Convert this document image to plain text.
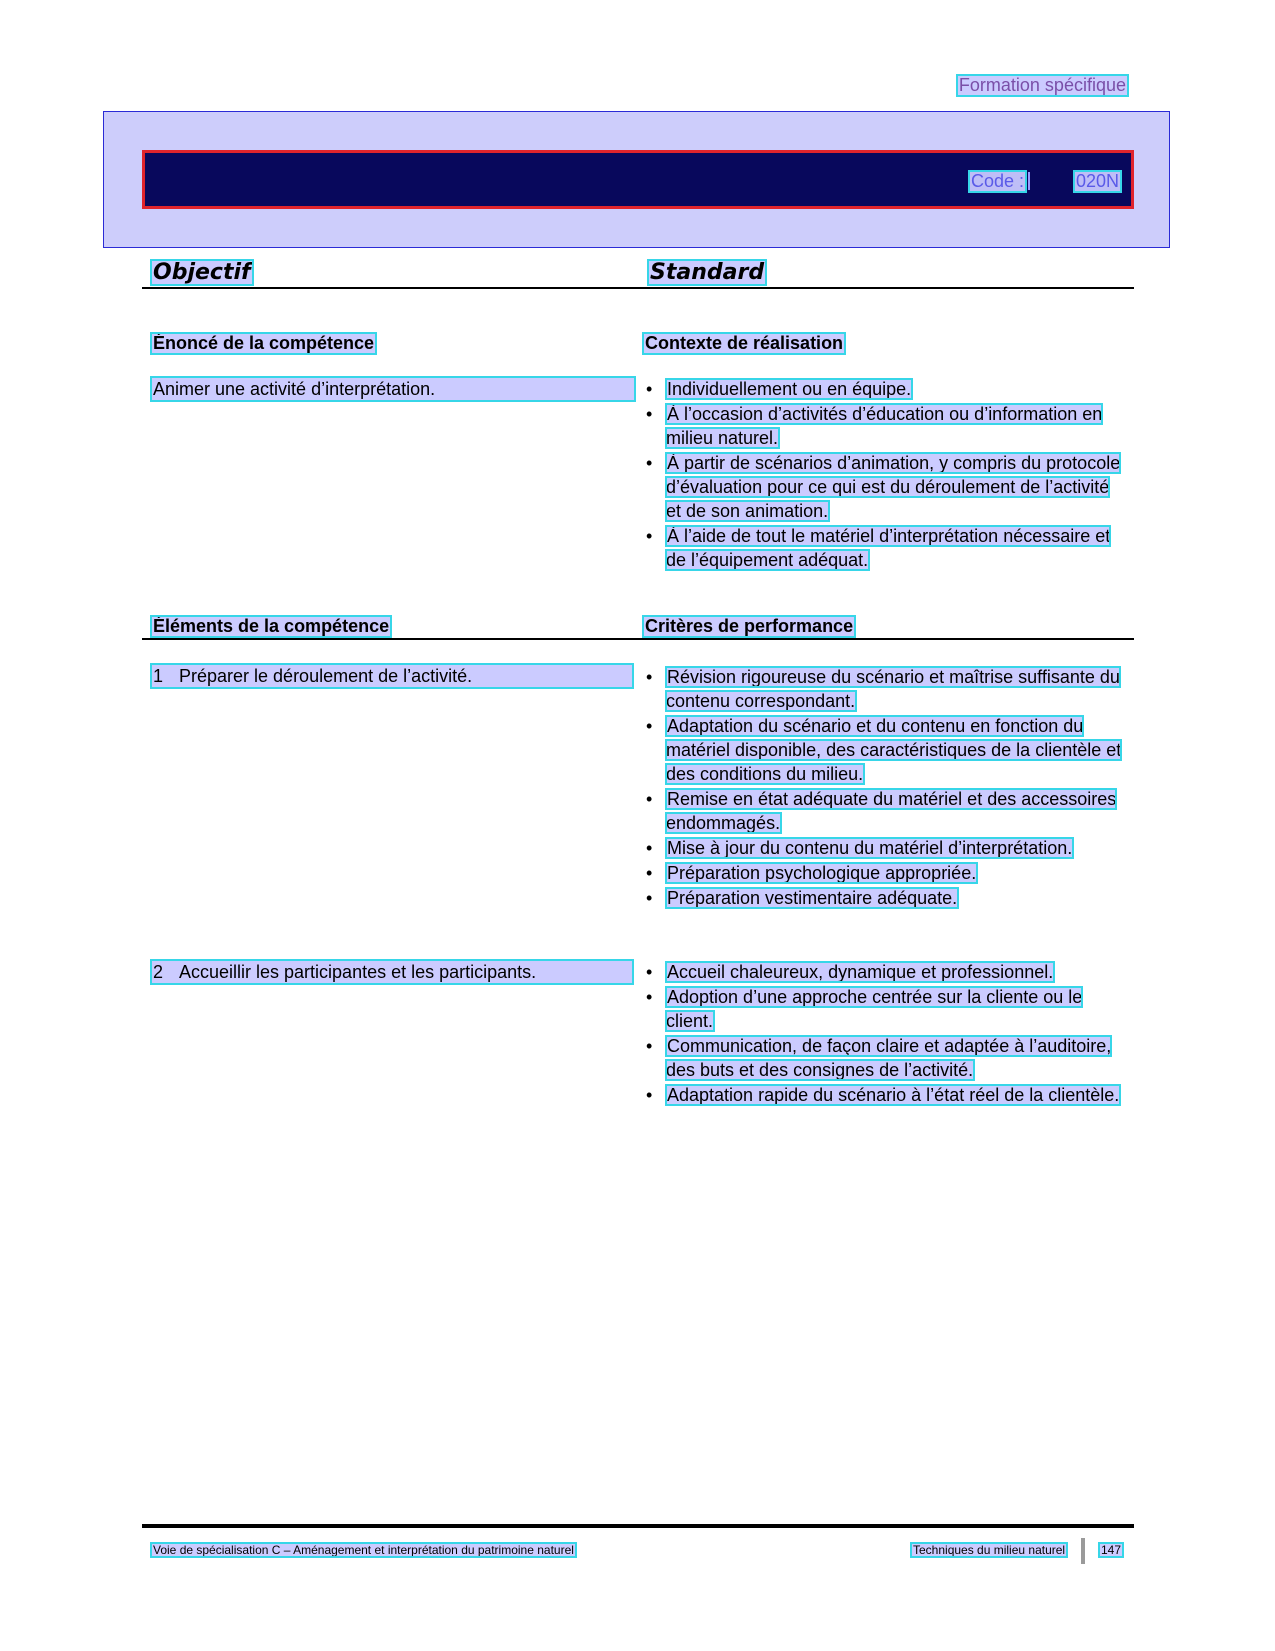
Formation spécifique
Code :	020N
Objectif	Standard
Énoncé de la compétence	Contexte de réalisation
Animer une activité d’interprétation.	• Individuellement ou en équipe.
• À l’occasion d’activités d’éducation ou d’information en milieu naturel.
• À partir de scénarios d’animation, y compris du protocole d’évaluation pour ce qui est du déroulement de l’activité et de son animation.
• À l’aide de tout le matériel d’interprétation nécessaire et de l’équipement adéquat.
Éléments de la compétence	Critères de performance
1 Préparer le déroulement de l’activité.	• Révision rigoureuse du scénario et maîtrise suffisante du contenu correspondant.
• Adaptation du scénario et du contenu en fonction du matériel disponible, des caractéristiques de la clientèle et des conditions du milieu.
• Remise en état adéquate du matériel et des accessoires endommagés.
• Mise à jour du contenu du matériel d’interprétation.
• Préparation psychologique appropriée.
• Préparation vestimentaire adéquate.
2 Accueillir les participantes et les participants.	• Accueil chaleureux, dynamique et professionnel.
• Adoption d’une approche centrée sur la cliente ou le client.
• Communication, de façon claire et adaptée à l’auditoire, des buts et des consignes de l’activité.
• Adaptation rapide du scénario à l’état réel de la clientèle.
Voie de spécialisation C – Aménagement et interprétation du patrimoine naturel	Techniques du milieu naturel	147
